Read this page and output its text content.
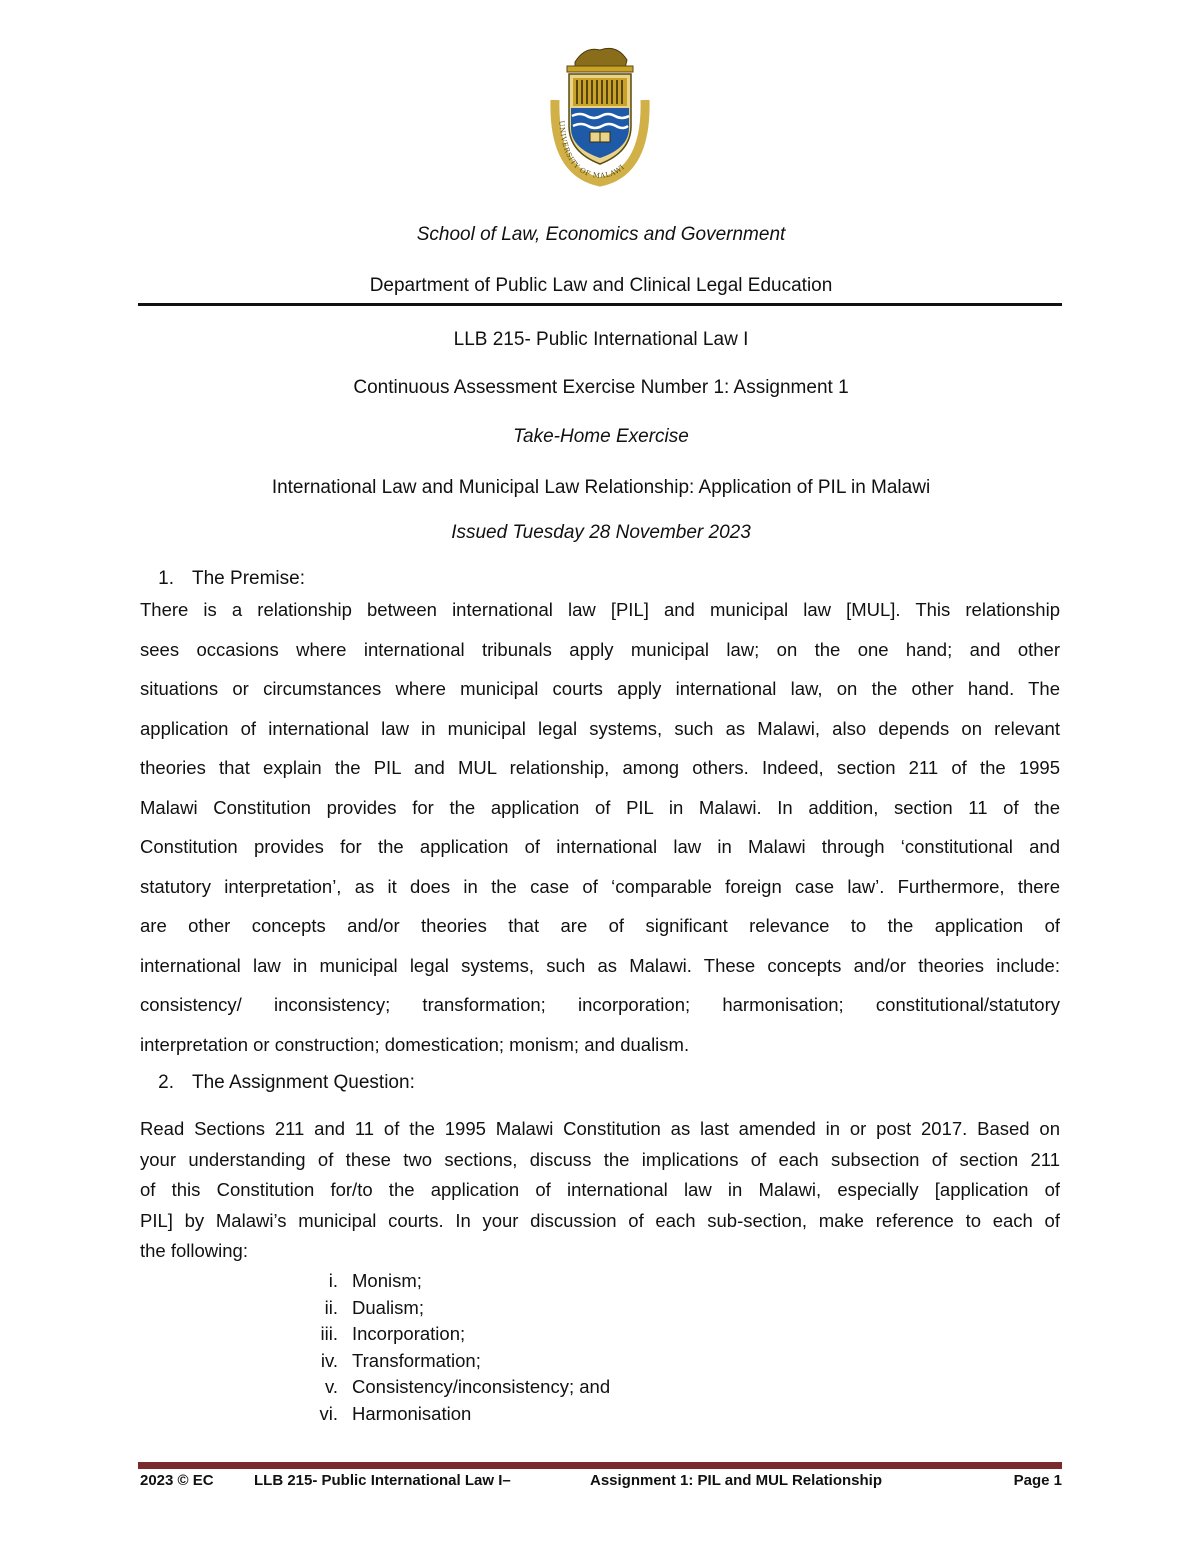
UNIVERSITY OF MALAWI
School of Law, Economics and Government
Department of Public Law and Clinical Legal Education
LLB 215- Public International Law I
Continuous Assessment Exercise Number 1: Assignment 1
Take-Home Exercise
International Law and Municipal Law Relationship: Application of PIL in Malawi
Issued Tuesday 28 November 2023
1. The Premise:
There is a relationship between international law [PIL] and municipal law [MUL]. This relationship
sees occasions where international tribunals apply municipal law; on the one hand; and other
situations or circumstances where municipal courts apply international law, on the other hand. The
application of international law in municipal legal systems, such as Malawi, also depends on relevant
theories that explain the PIL and MUL relationship, among others. Indeed, section 211 of the 1995
Malawi Constitution provides for the application of PIL in Malawi. In addition, section 11 of the
Constitution provides for the application of international law in Malawi through ‘constitutional and
statutory interpretation’, as it does in the case of ‘comparable foreign case law’. Furthermore, there
are other concepts and/or theories that are of significant relevance to the application of
international law in municipal legal systems, such as Malawi. These concepts and/or theories include:
consistency/ inconsistency; transformation; incorporation; harmonisation; constitutional/statutory
interpretation or construction; domestication; monism; and dualism.
2. The Assignment Question:
Read Sections 211 and 11 of the 1995 Malawi Constitution as last amended in or post 2017. Based on
your understanding of these two sections, discuss the implications of each subsection of section 211
of this Constitution for/to the application of international law in Malawi, especially [application of
PIL] by Malawi’s municipal courts. In your discussion of each sub-section, make reference to each of
the following:
i. Monism;
ii. Dualism;
iii. Incorporation;
iv. Transformation;
v. Consistency/inconsistency; and
vi. Harmonisation
2023 © EC	LLB 215- Public International Law I–	Assignment 1: PIL and MUL Relationship	Page 1
